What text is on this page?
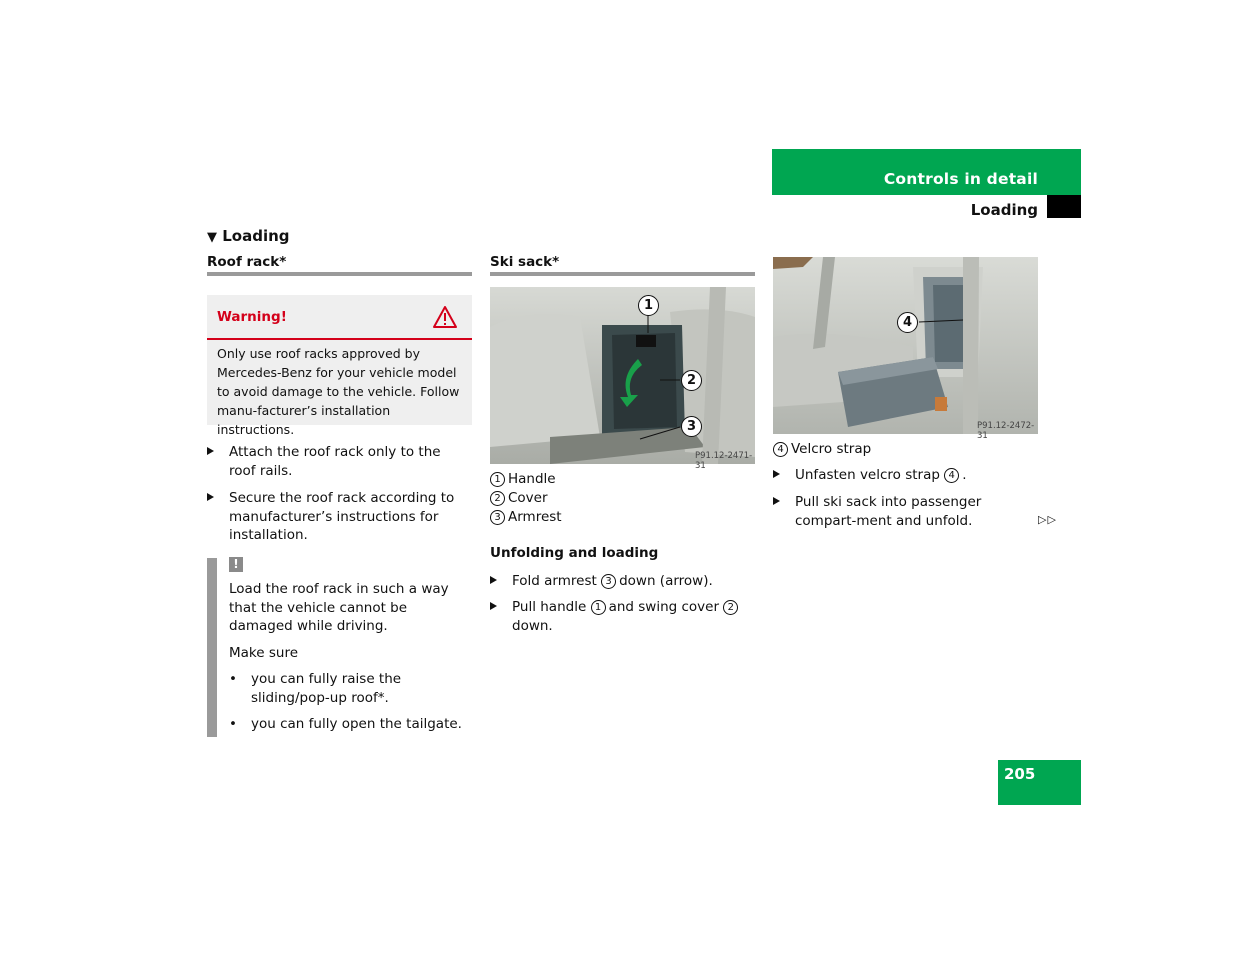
Controls in detail
Loading
▼ Loading
Roof rack*
Warning!
Only use roof racks approved by Mercedes-Benz for your vehicle model to avoid damage to the vehicle. Follow manu-facturer’s installation instructions.
Attach the roof rack only to the roof rails.
Secure the roof rack according to manufacturer’s instructions for installation.
!
Load the roof rack in such a way that the vehicle cannot be damaged while driving.
Make sure
• you can fully raise the sliding/pop-up roof*.
• you can fully open the tailgate.
Ski sack*
1
2
3
P91.12-2471-31
1 Handle
2 Cover
3 Armrest
Unfolding and loading
Fold armrest 3 down (arrow).
Pull handle 1 and swing cover 2
down.
4
P91.12-2472-31
4 Velcro strap
Unfasten velcro strap 4 .
Pull ski sack into passenger compart-ment and unfold.	▷▷
205
